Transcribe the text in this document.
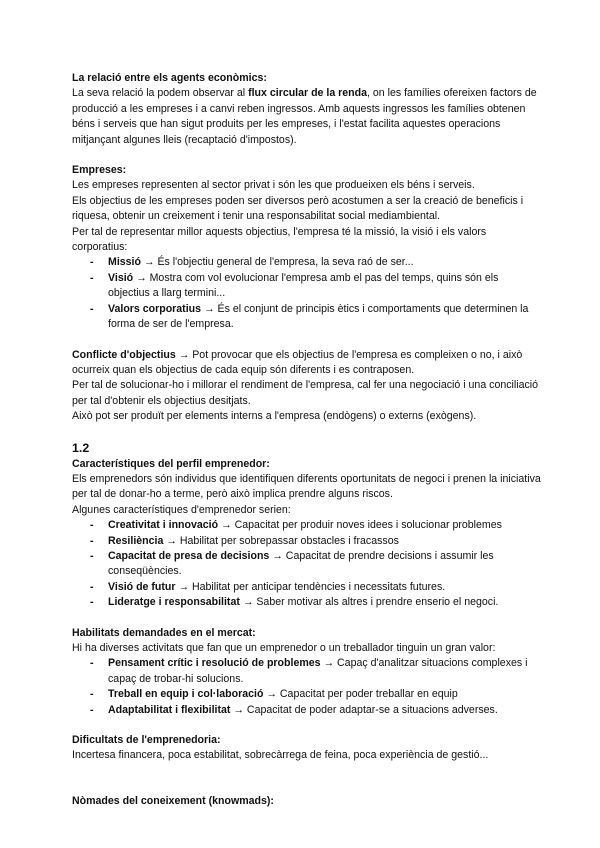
La relació entre els agents econòmics:

La seva relació la podem observar al flux circular de la renda, on les famílies ofereixen factors de producció a les empreses i a canvi reben ingressos. Amb aquests ingressos les famílies obtenen béns i serveis que han sigut produits per les empreses, i l'estat facilita aquestes operacions mitjançant algunes lleis (recaptació d'impostos).

Empreses:

Les empreses representen al sector privat i són les que produeixen els béns i serveis.

Els objectius de les empreses poden ser diversos però acostumen a ser la creació de beneficis i riquesa, obtenir un creixement i tenir una responsabilitat social mediambiental.

Per tal de representar millor aquests objectius, l'empresa té la missió, la visió i els valors corporatius:

- Missió → És l'objectiu general de l'empresa, la seva raó de ser...
- Visió → Mostra com vol evolucionar l'empresa amb el pas del temps, quins són els objectius a llarg termini...
- Valors corporatius → És el conjunt de principis ètics i comportaments que determinen la forma de ser de l'empresa.

Conflicte d'objectius → Pot provocar que els objectius de l'empresa es compleixen o no, i això ocurreix quan els objectius de cada equip són diferents i es contraposen.

Per tal de solucionar-ho i millorar el rendiment de l'empresa, cal fer una negociació i una conciliació per tal d'obtenir els objectius desitjats.

Això pot ser produït per elements interns a l'empresa (endògens) o externs (exògens).

1.2
Característiques del perfil emprenedor:

Els emprenedors són individus que identifiquen diferents oportunitats de negoci i prenen la iniciativa per tal de donar-ho a terme, però això implica prendre alguns riscos.

Algunes característiques d'emprenedor serien:

- Creativitat i innovació → Capacitat per produir noves idees i solucionar problemes
- Resiliència → Habilitat per sobrepassar obstacles i fracassos
- Capacitat de presa de decisions → Capacitat de prendre decisions i assumir les conseqüències.
- Visió de futur → Habilitat per anticipar tendències i necessitats futures.
- Lideratge i responsabilitat → Saber motivar als altres i prendre enserio el negoci.
Habilitats demandades en el mercat:

Hi ha diverses activitats que fan que un emprenedor o un treballador tinguin un gran valor:

- Pensament crític i resolució de problemes → Capaç d'analitzar situacions complexes i capaç de trobar-hi solucions.
- Treball en equip i col·laboració → Capacitat per poder treballar en equip
- Adaptabilitat i flexibilitat → Capacitat de poder adaptar-se a situacions adverses.
Dificultats de l'emprenedoria:

Incertesa financera, poca estabilitat, sobrecàrrega de feina, poca experiència de gestió...

Nòmades del coneixement (knowmads):
